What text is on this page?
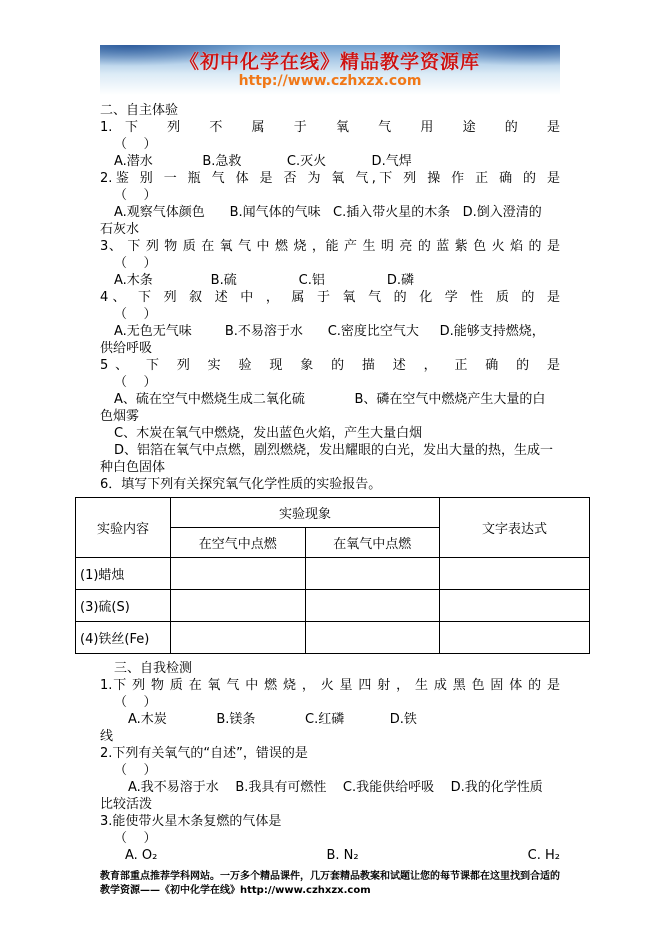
《初中化学在线》精品教学资源库
http://www.czhxzx.com
二、自主体验
1.下 列 不 属 于 氧 气 用 途 的 是
（    ）
A.潜水            B.急救           C.灭火           D.气焊
2.鉴 别 一 瓶 气 体 是 否 为 氧 气,下 列 操 作 正 确 的 是
（    ）
A.观察气体颜色      B.闻气体的气味   C.插入带火星的木条   D.倒入澄清的
石灰水
3、 下 列 物 质 在 氧 气 中 燃 烧 ，能 产 生 明 亮 的 蓝 紫 色 火 焰 的 是
（    ）
A.木条              B.硫               C.铝               D.磷
4、 下 列 叙 述 中 ， 属 于 氧 气 的 化 学 性 质 的 是
（    ）
A.无色无气味        B.不易溶于水      C.密度比空气大     D.能够支持燃烧，
供给呼吸
5、 下 列 实 验 现 象 的 描 述 ， 正 确 的 是
（    ）
A、硫在空气中燃烧生成二氧化硫            B、磷在空气中燃烧产生大量的白
色烟雾
C、木炭在氧气中燃烧，发出蓝色火焰，产生大量白烟
D、铝箔在氧气中点燃，剧烈燃烧，发出耀眼的白光，发出大量的热，生成一
种白色固体
6．填写下列有关探究氧气化学性质的实验报告。
实验内容	实验现象		文字表达式
	在空气中点燃	在氧气中点燃	
(1)蜡烛			
(3)硫(S)			
(4)铁丝(Fe)			
三、自我检测
1.下 列 物 质 在 氧 气 中 燃 烧 ， 火 星 四 射 ， 生 成 黑 色 固 体 的 是
（    ）
A.木炭            B.镁条            C.红磷           D.铁
线
2.下列有关氧气的“自述”，错误的是
（    ）
A.我不易溶于水    B.我具有可燃性    C.我能供给呼吸    D.我的化学性质
比较活泼
3.能使带火星木条复燃的气体是
（    ）
A. O₂	B. N₂	C. H₂
教育部重点推荐学科网站。一万多个精品课件，几万套精品教案和试题让您的每节课都在这里找到合适的
教学资源——《初中化学在线》http://www.czhxzx.com
